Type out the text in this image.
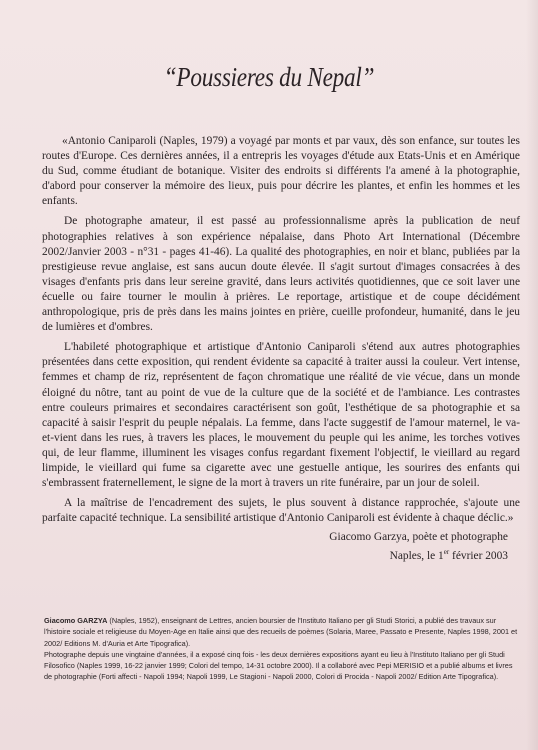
“Poussieres du Nepal”

«Antonio Caniparoli (Naples, 1979) a voyagé par monts et par vaux, dès son enfance, sur toutes les routes d'Europe. Ces dernières années, il a entrepris les voyages d'étude aux Etats-Unis et en Amérique du Sud, comme étudiant de botanique. Visiter des endroits si différents l'a amené à la photographie, d'abord pour conserver la mémoire des lieux, puis pour décrire les plantes, et enfin les hommes et les enfants.

De photographe amateur, il est passé au professionnalisme après la publication de neuf photographies relatives à son expérience népalaise, dans Photo Art International (Décembre 2002/Janvier 2003 - n°31 - pages 41-46). La qualité des photographies, en noir et blanc, publiées par la prestigieuse revue anglaise, est sans aucun doute élevée. Il s'agit surtout d'images consacrées à des visages d'enfants pris dans leur sereine gravité, dans leurs activités quotidiennes, que ce soit laver une écuelle ou faire tourner le moulin à prières. Le reportage, artistique et de coupe décidément anthropologique, pris de près dans les mains jointes en prière, cueille profondeur, humanité, dans le jeu de lumières et d'ombres.

L'habileté photographique et artistique d'Antonio Caniparoli s'étend aux autres photographies présentées dans cette exposition, qui rendent évidente sa capacité à traiter aussi la couleur. Vert intense, femmes et champ de riz, représentent de façon chromatique une réalité de vie vécue, dans un monde éloigné du nôtre, tant au point de vue de la culture que de la société et de l'ambiance. Les contrastes entre couleurs primaires et secondaires caractérisent son goût, l'esthétique de sa photographie et sa capacité à saisir l'esprit du peuple népalais. La femme, dans l'acte suggestif de l'amour maternel, le va-et-vient dans les rues, à travers les places, le mouvement du peuple qui les anime, les torches votives qui, de leur flamme, illuminent les visages confus regardant fixement l'objectif, le vieillard au regard limpide, le vieillard qui fume sa cigarette avec une gestuelle antique, les sourires des enfants qui s'embrassent fraternellement, le signe de la mort à travers un rite funéraire, par un jour de soleil.

A la maîtrise de l'encadrement des sujets, le plus souvent à distance rapprochée, s'ajoute une parfaite capacité technique. La sensibilité artistique d'Antonio Caniparoli est évidente à chaque déclic.»

Giacomo Garzya, poète et photographe
Naples, le 1er février 2003
Giacomo GARZYA (Naples, 1952), enseignant de Lettres, ancien boursier de l'Instituto Italiano per gli Studi Storici, a publié des travaux sur l'histoire sociale et religieuse du Moyen-Age en Italie ainsi que des recueils de poèmes (Solaria, Maree, Passato e Presente, Naples 1998, 2001 et 2002/ Editions M. d'Auria et Arte Tipografica).
Photographe depuis une vingtaine d'années, il a exposé cinq fois - les deux dernières expositions ayant eu lieu à l'Instituto Italiano per gli Studi Filosofico (Naples 1999, 16-22 janvier 1999; Colori del tempo, 14-31 octobre 2000). Il a collaboré avec Pepi MERISIO et a publié albums et livres de photographie (Forti affecti - Napoli 1994; Napoli 1999, Le Stagioni - Napoli 2000, Colori di Procida - Napoli 2002/ Edition Arte Tipografica).
